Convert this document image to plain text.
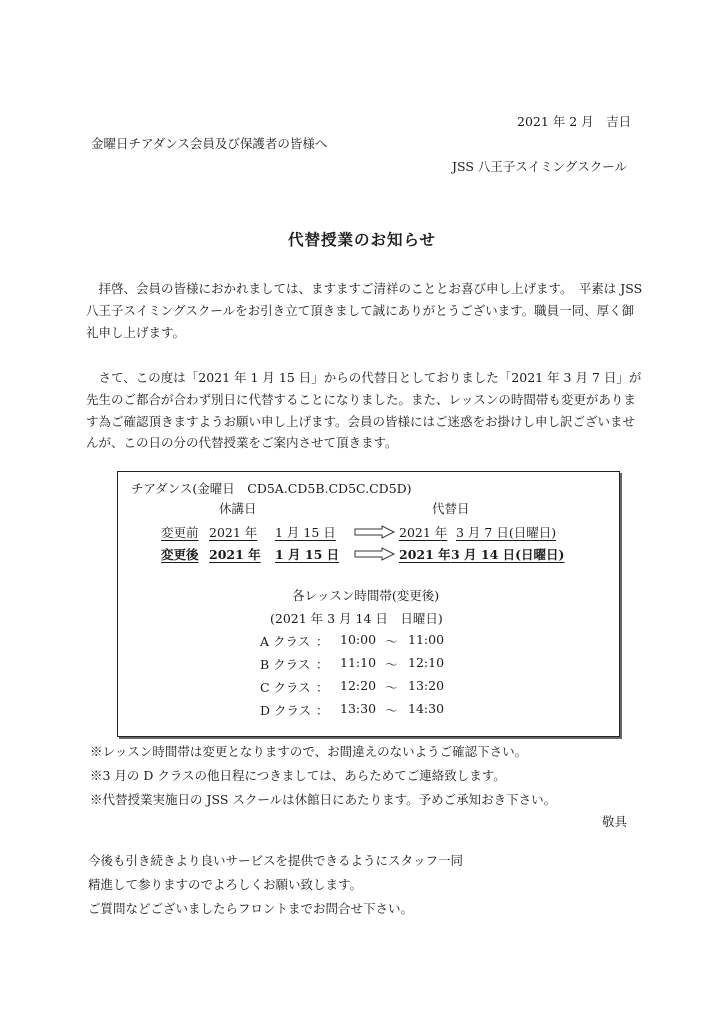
2021 年 2 月　吉日
金曜日チアダンス会員及び保護者の皆様へ
JSS 八王子スイミングスクール
代替授業のお知らせ
　拝啓、会員の皆様におかれましては、ますますご清祥のこととお喜び申し上げます。　平素は JSS 八王子スイミングスクールをお引き立て頂きまして誠にありがとうございます。職員一同、厚く御礼申し上げます。
　さて、この度は「2021 年 1 月 15 日」からの代替日としておりました「2021 年 3 月 7 日」が先生のご都合が合わず別日に代替することになりました。また、レッスンの時間帯も変更があります為ご確認頂きますようお願い申し上げます。会員の皆様にはご迷惑をお掛けし申し訳ございませんが、この日の分の代替授業をご案内させて頂きます。
チアダンス(金曜日　CD5A.CD5B.CD5C.CD5D)
休講日	代替日
変更前 2021 年 1 月 15 日	2021 年 3 月 7 日(日曜日)
変更後 2021 年 1 月 15 日	2021 年 3 月 14 日(日曜日)
各レッスン時間帯(変更後)
(2021 年 3 月 14 日　日曜日)
A クラス ： 10:00 ～ 11:00
B クラス ： 11:10 ～ 12:10
C クラス ： 12:20 ～ 13:20
D クラス ： 13:30 ～ 14:30
※レッスン時間帯は変更となりますので、お間違えのないようご確認下さい。
※3 月の D クラスの他日程につきましては、あらためてご連絡致します。
※代替授業実施日の JSS スクールは休館日にあたります。予めご承知おき下さい。
敬具
今後も引き続きより良いサービスを提供できるようにスタッフ一同
精進して参りますのでよろしくお願い致します。
ご質問などございましたらフロントまでお問合せ下さい。
